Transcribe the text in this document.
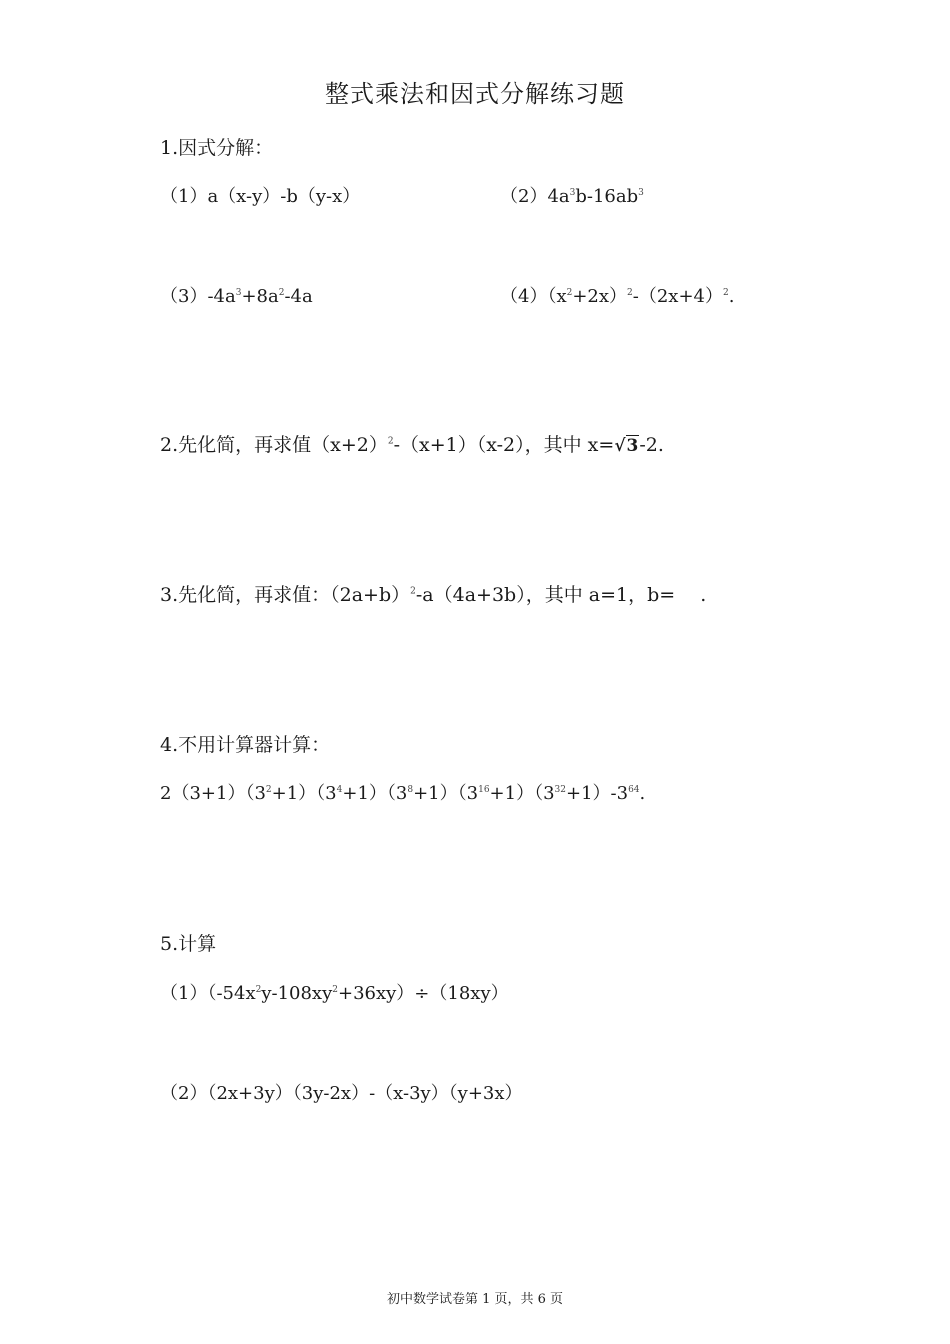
整式乘法和因式分解练习题
1.因式分解：
（1）a（x-y）-b（y-x）	$(2)4a^3b-16ab^3$
$(3)-4a^3+8a^2-4a$	$(4)(x^2+2x)^2-(2x+4)^2$.
2.先化简，再求值$(x+2)^2-(x+1)(x-2)$，其中 x=√3-2.
3.先化简，再求值：$(2a+b)^2-a(4a+3b)$，其中 a=1，b=　 .
4.不用计算器计算：
$2(3+1)(3^2+1)(3^4+1)(3^8+1)(3^{16}+1)(3^{32}+1)-3^{64}$.
5.计算
$(1)(-54x^2y-108xy^2+36xy)\div(18xy)$
（2）（2x+3y）（3y-2x）-（x-3y）（y+3x）
初中数学试卷第 1 页，共 6 页
